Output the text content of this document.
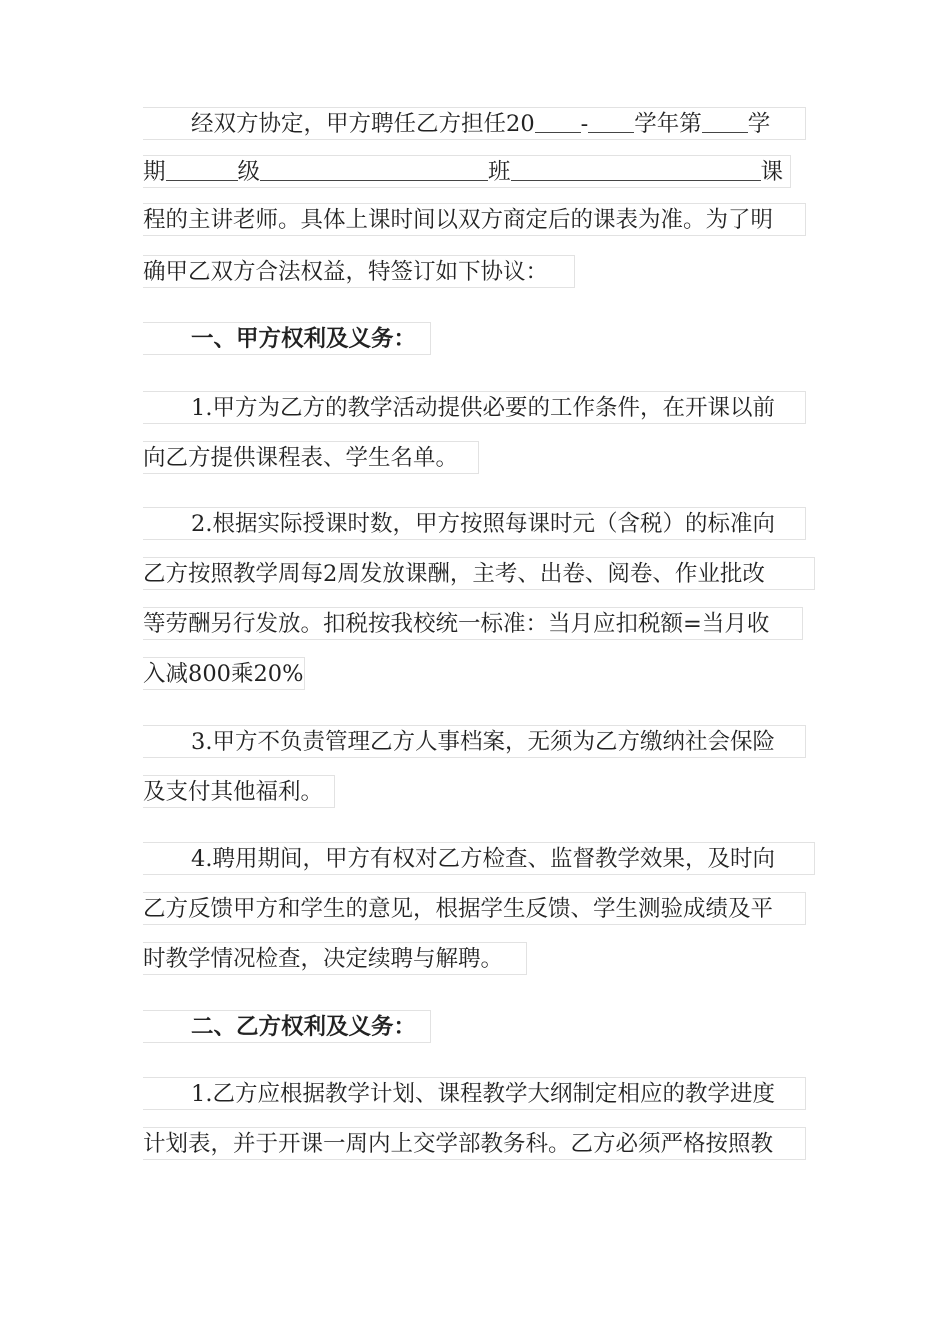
经双方协定，甲方聘任乙方担任20 - 学年第 学
期	级	班	课
程的主讲老师。具体上课时间以双方商定后的课表为准。为了明
确甲乙双方合法权益，特签订如下协议：
一、甲方权利及义务：
1.甲方为乙方的教学活动提供必要的工作条件，在开课以前
向乙方提供课程表、学生名单。
2.根据实际授课时数，甲方按照每课时元（含税）的标准向
乙方按照教学周每2周发放课酬，主考、出卷、阅卷、作业批改
等劳酬另行发放。扣税按我校统一标准：当月应扣税额=当月收
入减800乘20%
3.甲方不负责管理乙方人事档案，无须为乙方缴纳社会保险
及支付其他福利。
4.聘用期间，甲方有权对乙方检查、监督教学效果，及时向
乙方反馈甲方和学生的意见，根据学生反馈、学生测验成绩及平
时教学情况检查，决定续聘与解聘。
二、乙方权利及义务：
1.乙方应根据教学计划、课程教学大纲制定相应的教学进度
计划表，并于开课一周内上交学部教务科。乙方必须严格按照教
